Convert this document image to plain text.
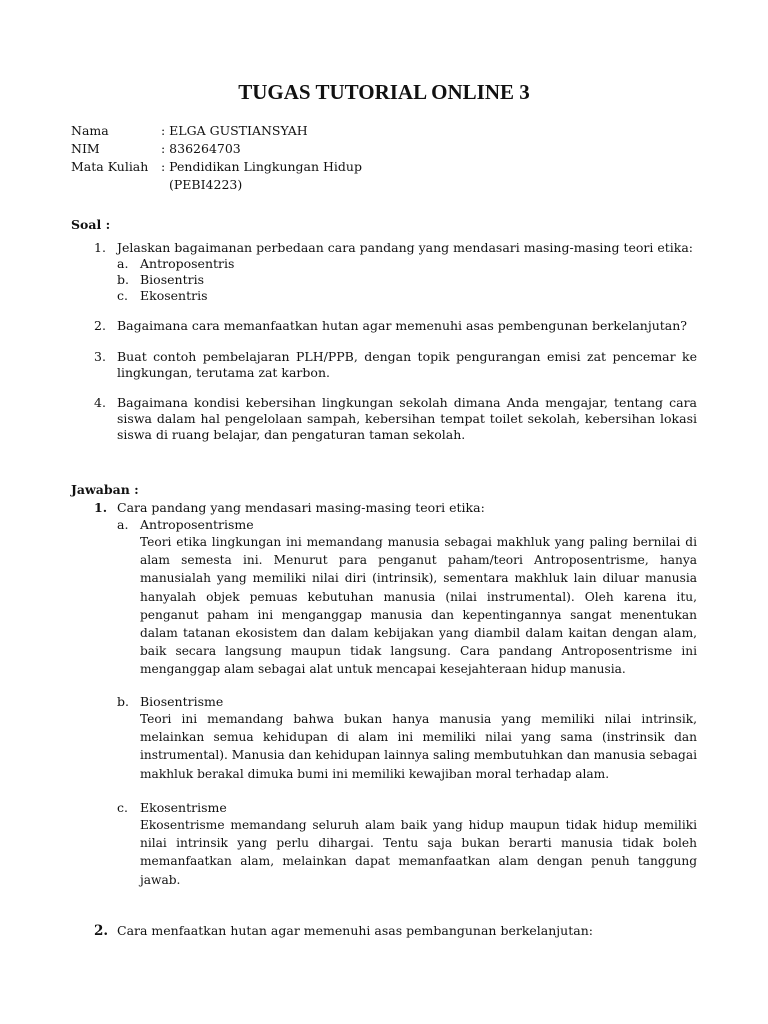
TUGAS TUTORIAL ONLINE 3
Nama	: ELGA GUSTIANSYAH
NIM	: 836264703
Mata Kuliah : Pendidikan Lingkungan Hidup
(PEBI4223)
Soal :
1. Jelaskan bagaimanan perbedaan cara pandang yang mendasari masing-masing teori etika:
a. Antroposentris
b. Biosentris
c. Ekosentris
2. Bagaimana cara memanfaatkan hutan agar memenuhi asas pembengunan berkelanjutan?
3. Buat contoh pembelajaran PLH/PPB, dengan topik pengurangan emisi zat pencemar ke lingkungan, terutama zat karbon.
4. Bagaimana kondisi kebersihan lingkungan sekolah dimana Anda mengajar, tentang cara siswa dalam hal pengelolaan sampah, kebersihan tempat toilet sekolah, kebersihan lokasi siswa di ruang belajar, dan pengaturan taman sekolah.
Jawaban :
1. Cara pandang yang mendasari masing-masing teori etika:
a. Antroposentrisme
Teori etika lingkungan ini memandang manusia sebagai makhluk yang paling bernilai di alam semesta ini. Menurut para penganut paham/teori Antroposentrisme, hanya manusialah yang memiliki nilai diri (intrinsik), sementara makhluk lain diluar manusia hanyalah objek pemuas kebutuhan manusia (nilai instrumental). Oleh karena itu, penganut paham ini menganggap manusia dan kepentingannya sangat menentukan dalam tatanan ekosistem dan dalam kebijakan yang diambil dalam kaitan dengan alam, baik secara langsung maupun tidak langsung. Cara pandang Antroposentrisme ini menganggap alam sebagai alat untuk mencapai kesejahteraan hidup manusia.
b. Biosentrisme
Teori ini memandang bahwa bukan hanya manusia yang memiliki nilai intrinsik, melainkan semua kehidupan di alam ini memiliki nilai yang sama (instrinsik dan instrumental). Manusia dan kehidupan lainnya saling membutuhkan dan manusia sebagai makhluk berakal dimuka bumi ini memiliki kewajiban moral terhadap alam.
c. Ekosentrisme
Ekosentrisme memandang seluruh alam baik yang hidup maupun tidak hidup memiliki nilai intrinsik yang perlu dihargai. Tentu saja bukan berarti manusia tidak boleh memanfaatkan alam, melainkan dapat memanfaatkan alam dengan penuh tanggung jawab.
2. Cara menfaatkan hutan agar memenuhi asas pembangunan berkelanjutan:
